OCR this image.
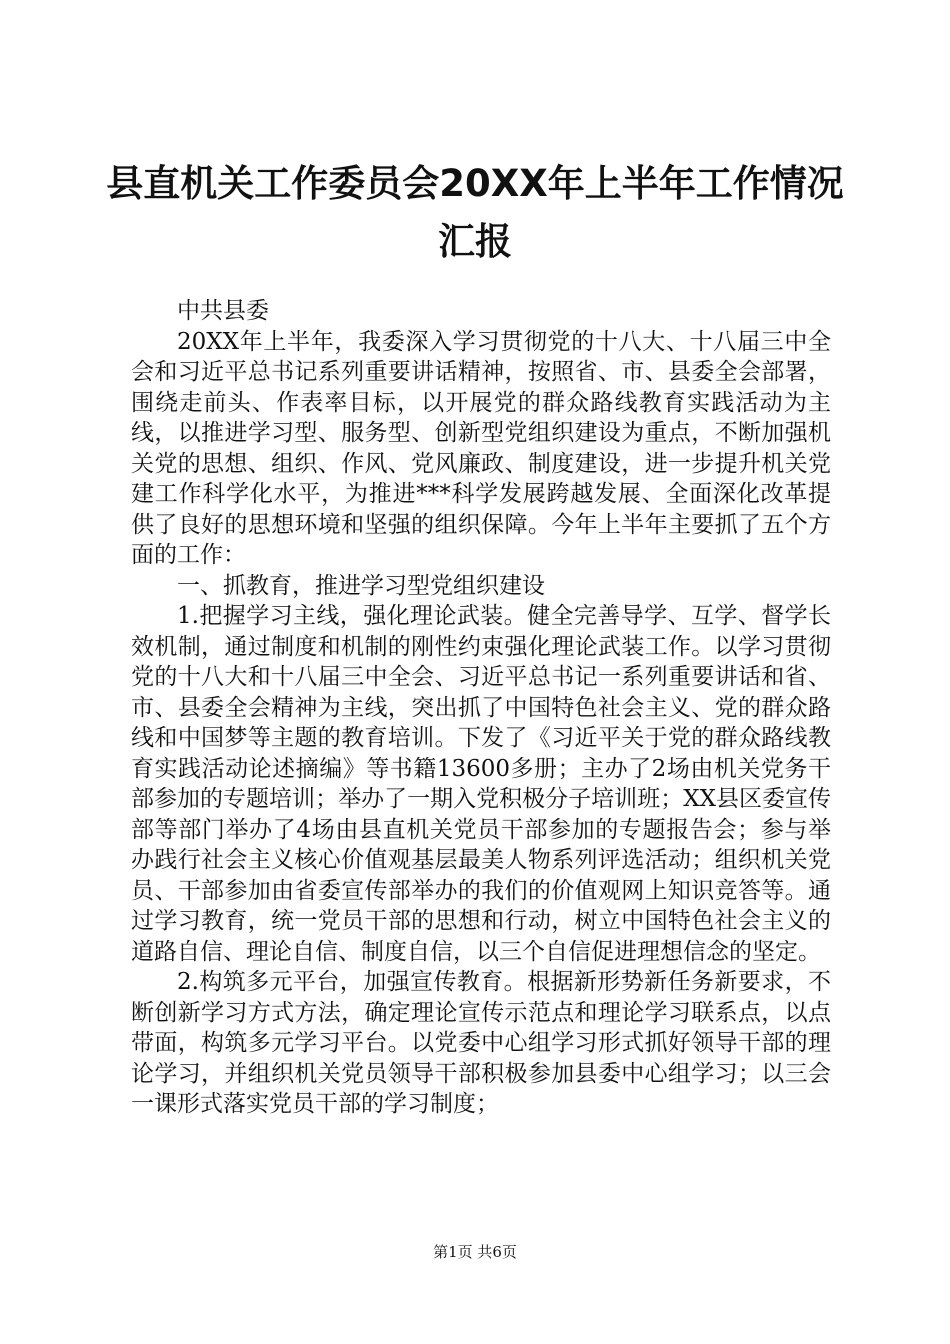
县直机关工作委员会20XX年上半年工作情况
汇报

中共县委

20XX年上半年，我委深入学习贯彻党的十八大、十八届三中全会和习近平总书记系列重要讲话精神，按照省、市、县委全会部署，围绕走前头、作表率目标，以开展党的群众路线教育实践活动为主线，以推进学习型、服务型、创新型党组织建设为重点，不断加强机关党的思想、组织、作风、党风廉政、制度建设，进一步提升机关党建工作科学化水平，为推进***科学发展跨越发展、全面深化改革提供了良好的思想环境和坚强的组织保障。今年上半年主要抓了五个方面的工作：

一、抓教育，推进学习型党组织建设

1.把握学习主线，强化理论武装。健全完善导学、互学、督学长效机制，通过制度和机制的刚性约束强化理论武装工作。以学习贯彻党的十八大和十八届三中全会、习近平总书记一系列重要讲话和省、市、县委全会精神为主线，突出抓了中国特色社会主义、党的群众路线和中国梦等主题的教育培训。下发了《习近平关于党的群众路线教育实践活动论述摘编》等书籍13600多册；主办了2场由机关党务干部参加的专题培训；举办了一期入党积极分子培训班；XX县区委宣传部等部门举办了4场由县直机关党员干部参加的专题报告会；参与举办践行社会主义核心价值观基层最美人物系列评选活动；组织机关党员、干部参加由省委宣传部举办的我们的价值观网上知识竞答等。通过学习教育，统一党员干部的思想和行动，树立中国特色社会主义的道路自信、理论自信、制度自信，以三个自信促进理想信念的坚定。

2.构筑多元平台，加强宣传教育。根据新形势新任务新要求，不断创新学习方式方法，确定理论宣传示范点和理论学习联系点，以点带面，构筑多元学习平台。以党委中心组学习形式抓好领导干部的理论学习，并组织机关党员领导干部积极参加县委中心组学习；以三会一课形式落实党员干部的学习制度；

第1页 共6页
